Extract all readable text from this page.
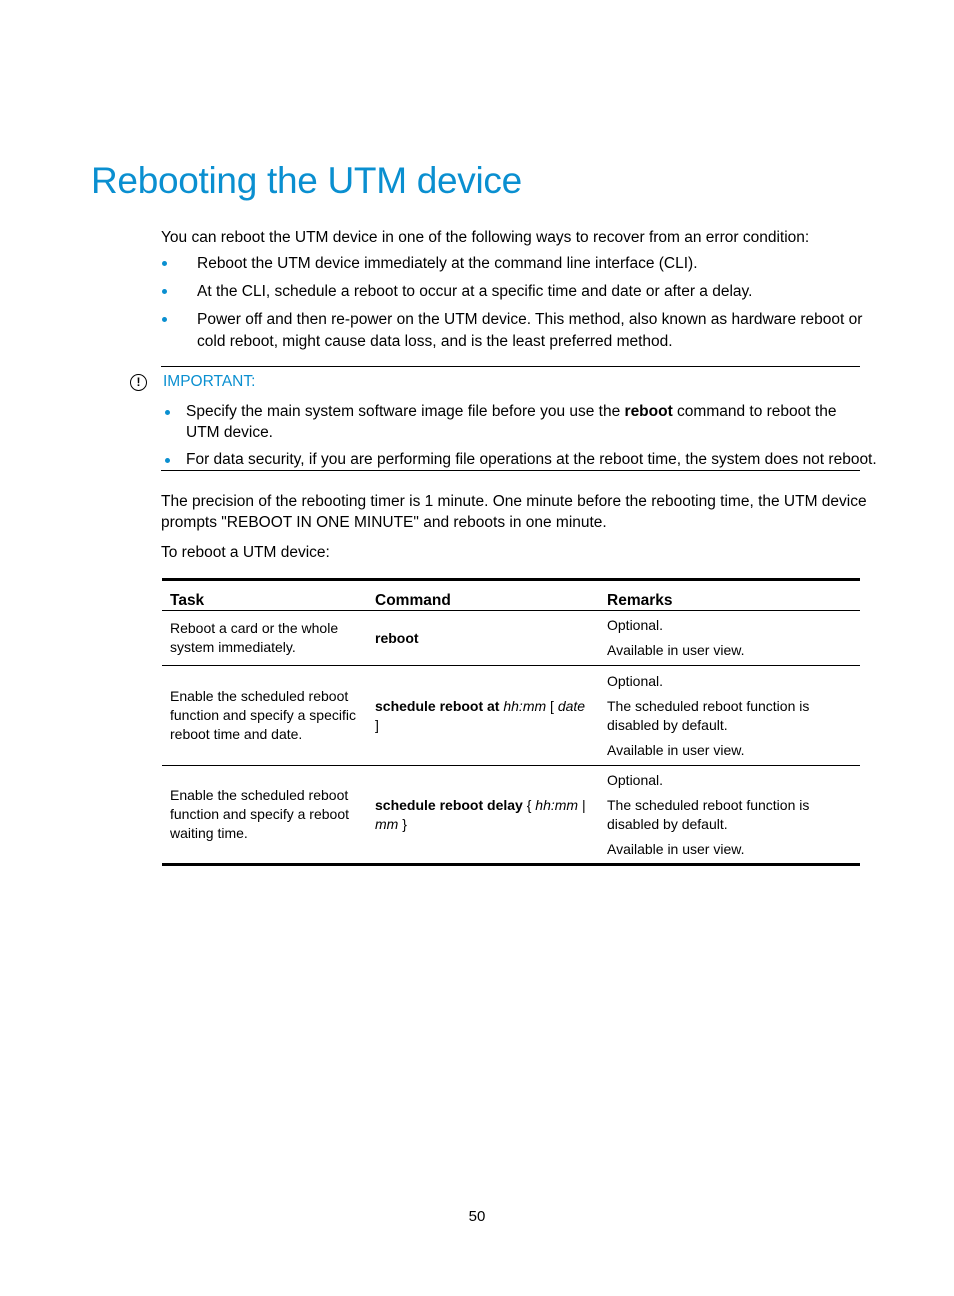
Rebooting the UTM device
You can reboot the UTM device in one of the following ways to recover from an error condition:
Reboot the UTM device immediately at the command line interface (CLI).
At the CLI, schedule a reboot to occur at a specific time and date or after a delay.
Power off and then re-power on the UTM device. This method, also known as hardware reboot or cold reboot, might cause data loss, and is the least preferred method.
!	IMPORTANT:
Specify the main system software image file before you use the reboot command to reboot the UTM device.
For data security, if you are performing file operations at the reboot time, the system does not reboot.
The precision of the rebooting timer is 1 minute. One minute before the rebooting time, the UTM device prompts "REBOOT IN ONE MINUTE" and reboots in one minute.
To reboot a UTM device:
Task	Command	Remarks
Reboot a card or the whole system immediately.	reboot	Optional.

Available in user view.

Enable the scheduled reboot function and specify a specific reboot time and date.	schedule reboot at hh:mm [ date ]	Optional.

The scheduled reboot function is disabled by default.

Available in user view.

Enable the scheduled reboot function and specify a reboot waiting time.	schedule reboot delay { hh:mm | mm }	Optional.

The scheduled reboot function is disabled by default.

Available in user view.

50
